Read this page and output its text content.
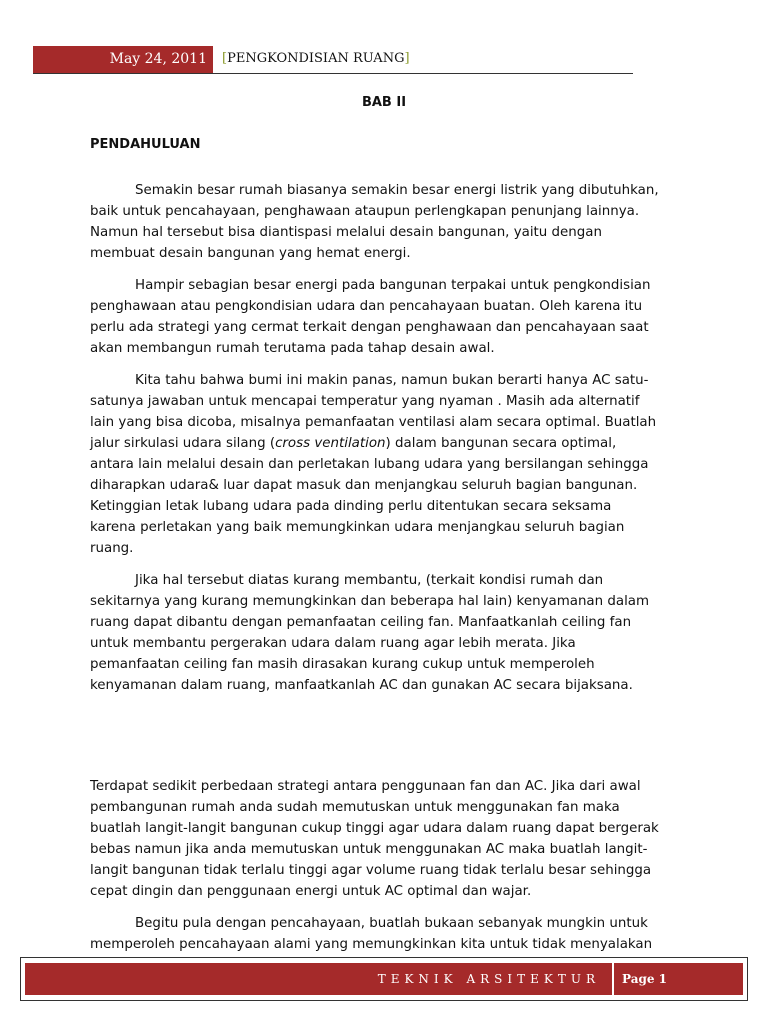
May 24, 2011 [PENGKONDISIAN RUANG]
BAB II
PENDAHULUAN

Semakin besar rumah biasanya semakin besar energi listrik yang dibutuhkan, baik untuk pencahayaan, penghawaan ataupun perlengkapan penunjang lainnya. Namun hal tersebut bisa diantispasi melalui desain bangunan, yaitu dengan membuat desain bangunan yang hemat energi.

Hampir sebagian besar energi pada bangunan terpakai untuk pengkondisian penghawaan atau pengkondisian udara dan pencahayaan buatan. Oleh karena itu perlu ada strategi yang cermat terkait dengan penghawaan dan pencahayaan saat akan membangun rumah terutama pada tahap desain awal.

Kita tahu bahwa bumi ini makin panas, namun bukan berarti hanya AC satu-satunya jawaban untuk mencapai temperatur yang nyaman . Masih ada alternatif lain yang bisa dicoba, misalnya pemanfaatan ventilasi alam secara optimal. Buatlah jalur sirkulasi udara silang (cross ventilation) dalam bangunan secara optimal, antara lain melalui desain dan perletakan lubang udara yang bersilangan sehingga diharapkan udara& luar dapat masuk dan menjangkau seluruh bagian bangunan. Ketinggian letak lubang udara pada dinding perlu ditentukan secara seksama karena perletakan yang baik memungkinkan udara menjangkau seluruh bagian ruang.

Jika hal tersebut diatas kurang membantu, (terkait kondisi rumah dan sekitarnya yang kurang memungkinkan dan beberapa hal lain) kenyamanan dalam ruang dapat dibantu dengan pemanfaatan ceiling fan. Manfaatkanlah ceiling fan untuk membantu pergerakan udara dalam ruang agar lebih merata. Jika pemanfaatan ceiling fan masih dirasakan kurang cukup untuk memperoleh kenyamanan dalam ruang, manfaatkanlah AC dan gunakan AC secara bijaksana.

Terdapat sedikit perbedaan strategi antara penggunaan fan dan AC. Jika dari awal pembangunan rumah anda sudah memutuskan untuk menggunakan fan maka buatlah langit-langit bangunan cukup tinggi agar udara dalam ruang dapat bergerak bebas namun jika anda memutuskan untuk menggunakan AC maka buatlah langit-langit bangunan tidak terlalu tinggi agar volume ruang tidak terlalu besar sehingga cepat dingin dan penggunaan energi untuk AC optimal dan wajar.

Begitu pula dengan pencahayaan, buatlah bukaan sebanyak mungkin untuk memperoleh pencahayaan alami yang memungkinkan kita untuk tidak menyalakan

TEKNIK ARSITEKTUR Page 1
